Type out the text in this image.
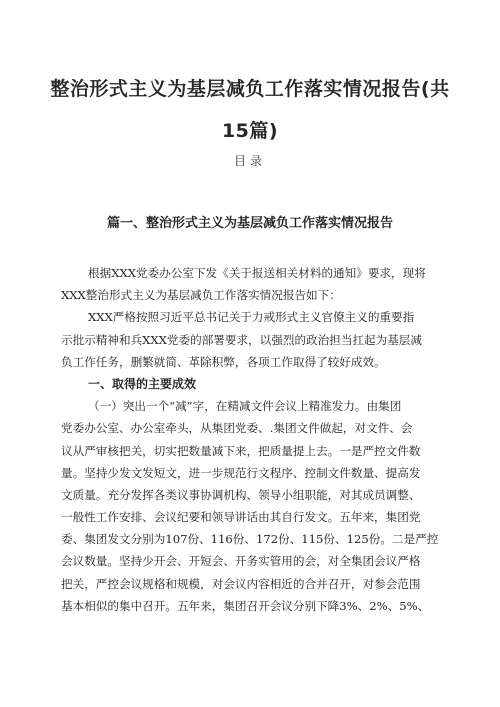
整治形式主义为基层减负工作落实情况报告(共
15篇)
目录
篇一、整治形式主义为基层减负工作落实情况报告
根据XXX党委办公室下发《关于报送相关材料的通知》要求，现将
XXX整治形式主义为基层减负工作落实情况报告如下：
XXX严格按照习近平总书记关于力戒形式主义官僚主义的重要指
示批示精神和兵XXX党委的部署要求，以强烈的政治担当扛起为基层减
负工作任务，删繁就简、革除积弊，各项工作取得了较好成效。
一、取得的主要成效
（一）突出一个“减”字，在精减文件会议上精准发力。由集团
党委办公室、办公室牵头，从集团党委、.集团文件做起，对文件、会
议从严审核把关，切实把数量减下来，把质量提上去。一是严控文件数
量。坚持少发文发短文，进一步规范行文程序、控制文件数量、提高发
文质量。充分发挥各类议事协调机构、领导小组职能，对其成员调整、
一般性工作安排、会议纪要和领导讲话由其自行发文。五年来，集团党
委、集团发文分别为107份、116份、172份、115份、125份。二是严控
会议数量。坚持少开会、开短会、开务实管用的会，对全集团会议严格
把关，严控会议规格和规模，对会议内容相近的合并召开，对参会范围
基本相似的集中召开。五年来，集团召开会议分别下降3%、2%、5%、
